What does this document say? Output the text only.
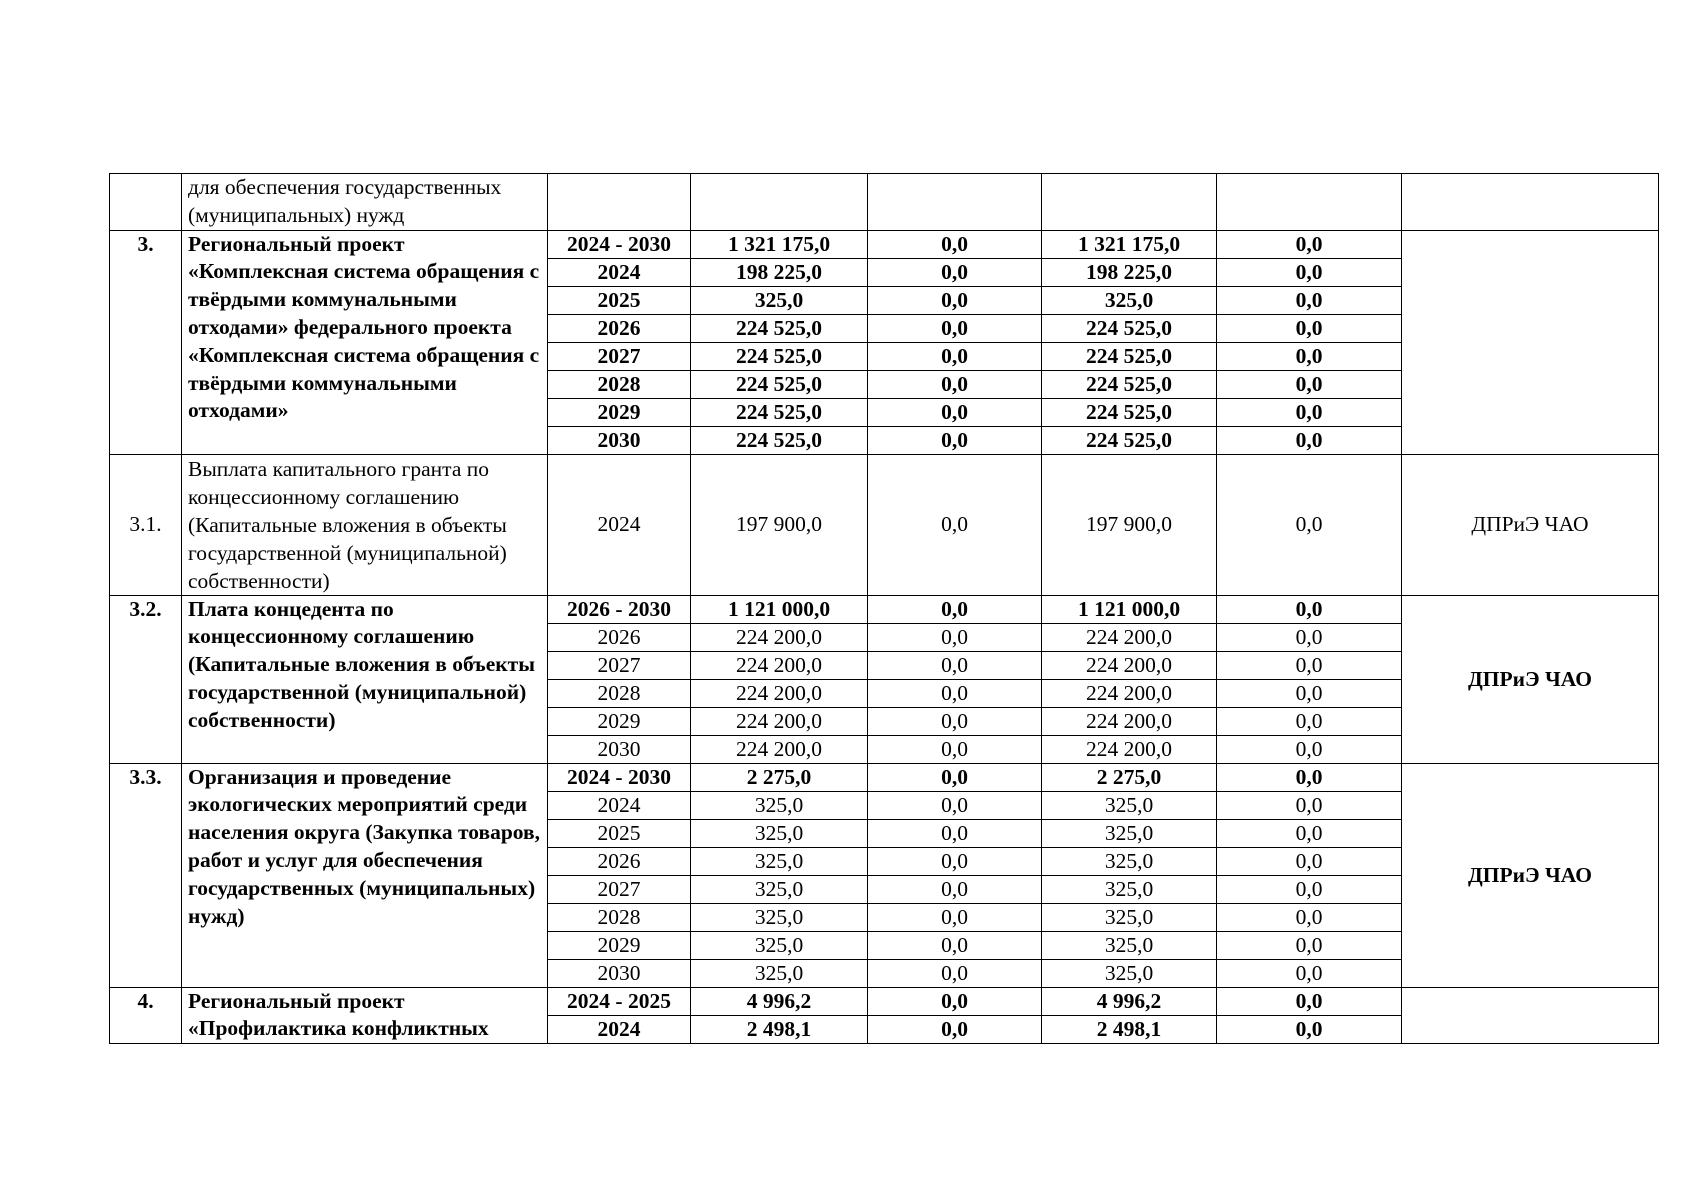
	для обеспечения государственных (муниципальных) нужд						
3.	Региональный проект «Комплексная система обращения с твёрдыми коммунальными отходами» федерального проекта «Комплексная система обращения с твёрдыми коммунальными отходами»	2024 - 2030	1 321 175,0	0,0	1 321 175,0	0,0	
		2024	198 225,0	0,0	198 225,0	0,0	
		2025	325,0	0,0	325,0	0,0	
		2026	224 525,0	0,0	224 525,0	0,0	
		2027	224 525,0	0,0	224 525,0	0,0	
		2028	224 525,0	0,0	224 525,0	0,0	
		2029	224 525,0	0,0	224 525,0	0,0	
		2030	224 525,0	0,0	224 525,0	0,0	
3.1.	Выплата капитального гранта по концессионному соглашению (Капитальные вложения в объекты государственной (муниципальной) собственности)	2024	197 900,0	0,0	197 900,0	0,0	ДПРиЭ ЧАО
3.2.	Плата концедента по концессионному соглашению (Капитальные вложения в объекты государственной (муниципальной) собственности)	2026 - 2030	1 121 000,0	0,0	1 121 000,0	0,0	ДПРиЭ ЧАО
		2026	224 200,0	0,0	224 200,0	0,0	
		2027	224 200,0	0,0	224 200,0	0,0	
		2028	224 200,0	0,0	224 200,0	0,0	
		2029	224 200,0	0,0	224 200,0	0,0	
		2030	224 200,0	0,0	224 200,0	0,0	
3.3.	Организация и проведение экологических мероприятий среди населения округа (Закупка товаров, работ и услуг для обеспечения государственных (муниципальных) нужд)	2024 - 2030	2 275,0	0,0	2 275,0	0,0	ДПРиЭ ЧАО
		2024	325,0	0,0	325,0	0,0	
		2025	325,0	0,0	325,0	0,0	
		2026	325,0	0,0	325,0	0,0	
		2027	325,0	0,0	325,0	0,0	
		2028	325,0	0,0	325,0	0,0	
		2029	325,0	0,0	325,0	0,0	
		2030	325,0	0,0	325,0	0,0	
4.	Региональный проект «Профилактика конфликтных	2024 - 2025	4 996,2	0,0	4 996,2	0,0	
		2024	2 498,1	0,0	2 498,1	0,0	
